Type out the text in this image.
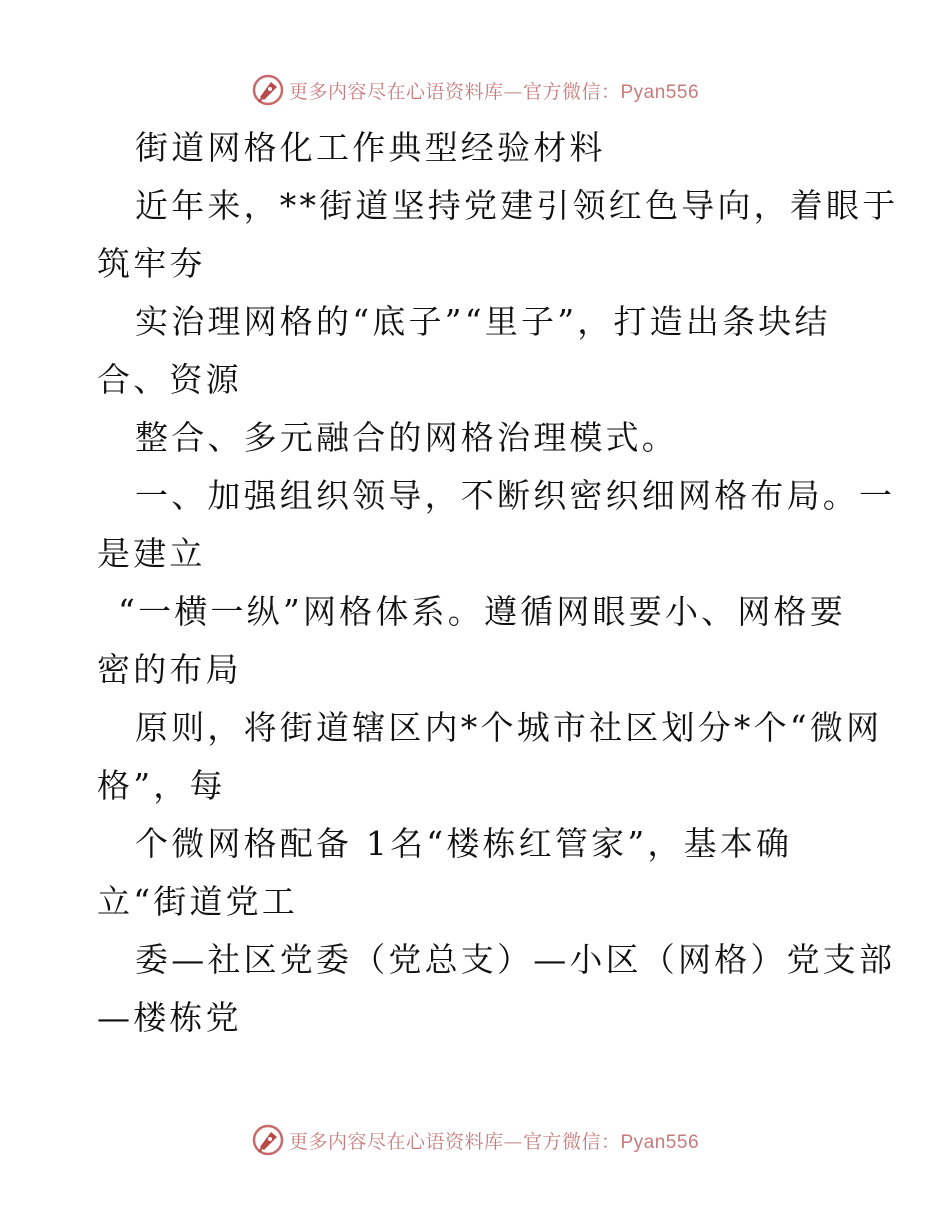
更多内容尽在心语资料库—官方微信：Pyan556
街道网格化工作典型经验材料
近年来，**街道坚持党建引领红色导向，着眼于
筑牢夯
实治理网格的“底子”“里子”，打造出条块结
合、资源
整合、多元融合的网格治理模式。
一、加强组织领导，不断织密织细网格布局。一
是建立
“一横一纵”网格体系。遵循网眼要小、网格要
密的布局
原则，将街道辖区内*个城市社区划分*个“微网
格”，每
个微网格配备 1名“楼栋红管家”，基本确
立“街道党工
委—社区党委（党总支）—小区（网格）党支部
—楼栋党
更多内容尽在心语资料库—官方微信：Pyan556
